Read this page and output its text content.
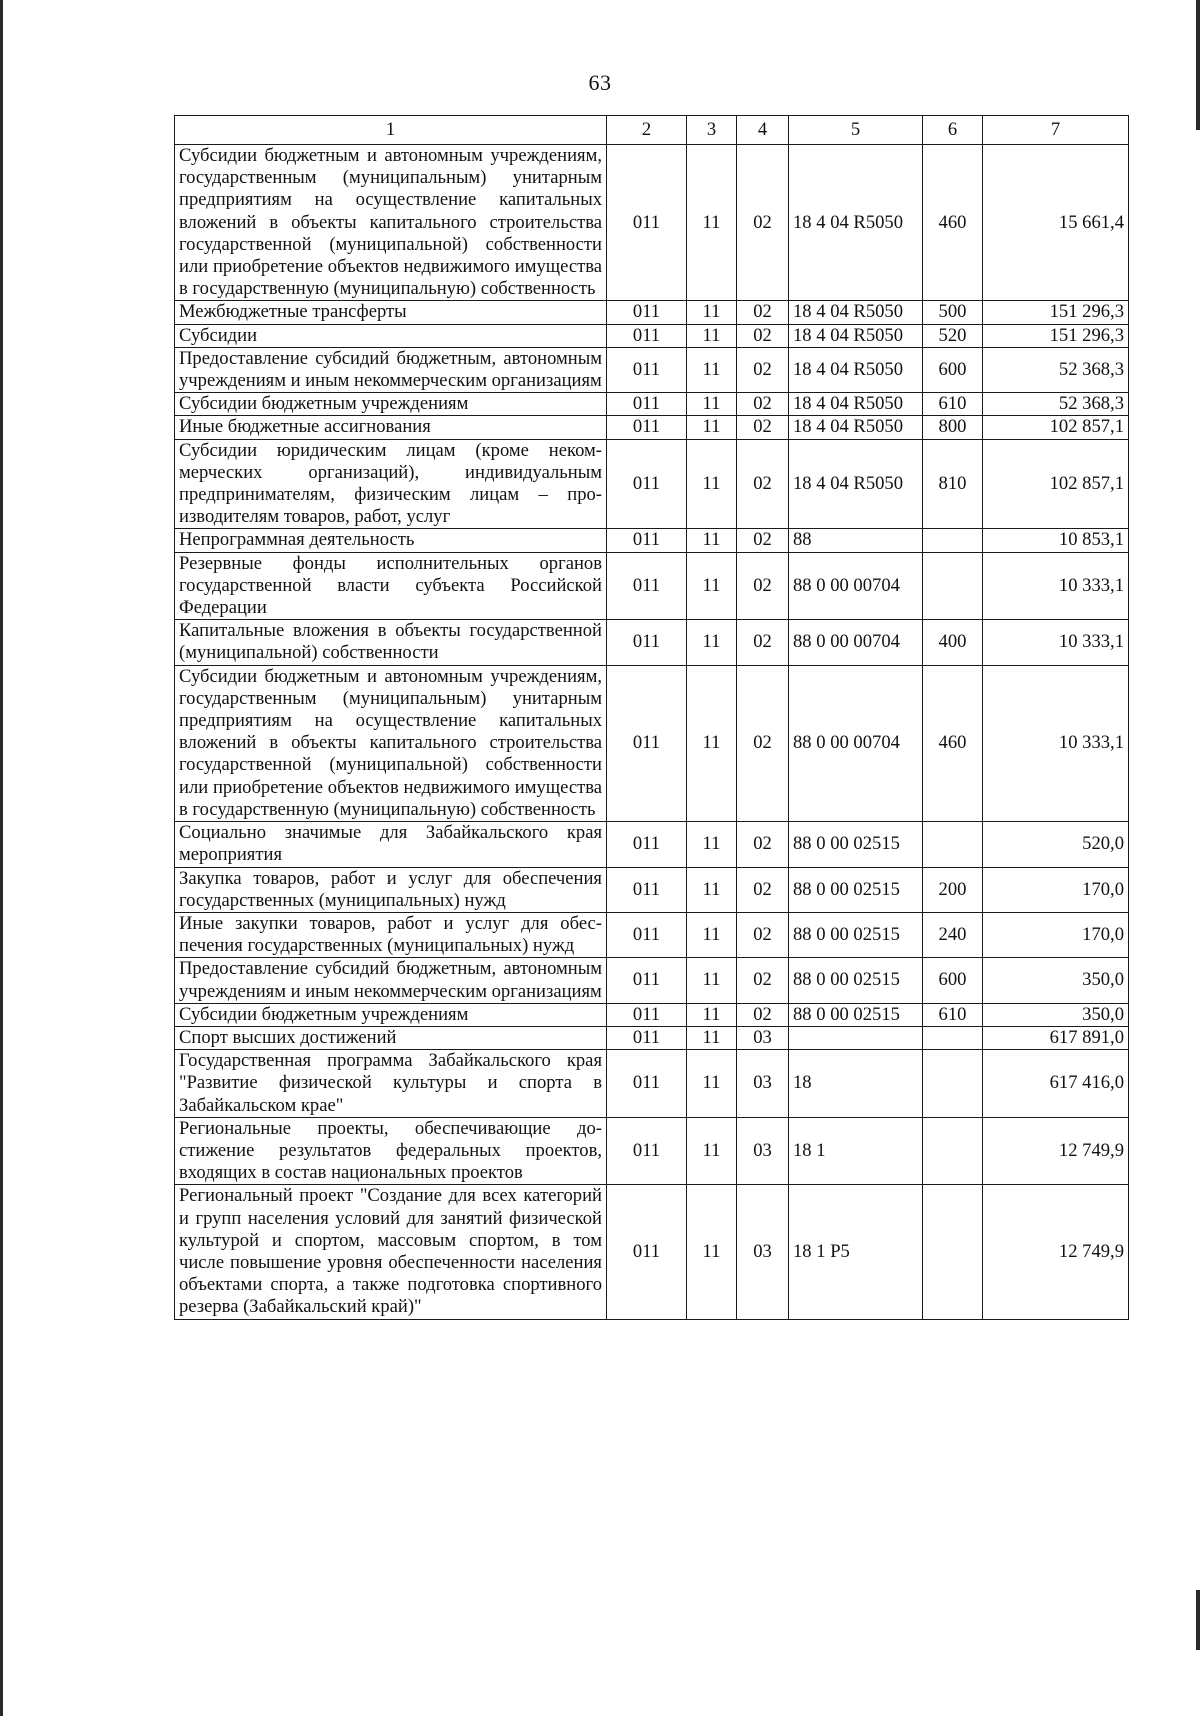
63
1	2	3	4	5	6	7
Субсидии бюджетным и автономным учреждениям, государственным (муниципальным) унитарным предприятиям на осуществление капитальных вложений в объекты капитального строительства государственной (муниципальной) собственности или приобретение объектов недвижимого имущества в государственную (муниципальную) собственность	011	11	02	18 4 04 R5050	460	15 661,4
Межбюджетные трансферты	011	11	02	18 4 04 R5050	500	151 296,3
Субсидии	011	11	02	18 4 04 R5050	520	151 296,3
Предоставление субсидий бюджетным, автономным учреждениям и иным некоммерческим организациям	011	11	02	18 4 04 R5050	600	52 368,3
Субсидии бюджетным учреждениям	011	11	02	18 4 04 R5050	610	52 368,3
Иные бюджетные ассигнования	011	11	02	18 4 04 R5050	800	102 857,1
Субсидии юридическим лицам (кроме некоммерческих организаций), индивидуальным предпринимателям, физическим лицам – производителям товаров, работ, услуг	011	11	02	18 4 04 R5050	810	102 857,1
Непрограммная деятельность	011	11	02	88		10 853,1
Резервные фонды исполнительных органов государственной власти субъекта Российской Федерации	011	11	02	88 0 00 00704		10 333,1
Капитальные вложения в объекты государственной (муниципальной) собственности	011	11	02	88 0 00 00704	400	10 333,1
Субсидии бюджетным и автономным учреждениям, государственным (муниципальным) унитарным предприятиям на осуществление капитальных вложений в объекты капитального строительства государственной (муниципальной) собственности или приобретение объектов недвижимого имущества в государственную (муниципальную) собственность	011	11	02	88 0 00 00704	460	10 333,1
Социально значимые для Забайкальского края мероприятия	011	11	02	88 0 00 02515		520,0
Закупка товаров, работ и услуг для обеспечения государственных (муниципальных) нужд	011	11	02	88 0 00 02515	200	170,0
Иные закупки товаров, работ и услуг для обеспечения государственных (муниципальных) нужд	011	11	02	88 0 00 02515	240	170,0
Предоставление субсидий бюджетным, автономным учреждениям и иным некоммерческим организациям	011	11	02	88 0 00 02515	600	350,0
Субсидии бюджетным учреждениям	011	11	02	88 0 00 02515	610	350,0
Спорт высших достижений	011	11	03			617 891,0
Государственная программа Забайкальского края "Развитие физической культуры и спорта в Забайкальском крае"	011	11	03	18		617 416,0
Региональные проекты, обеспечивающие достижение результатов федеральных проектов, входящих в состав национальных проектов	011	11	03	18 1		12 749,9
Региональный проект "Создание для всех категорий и групп населения условий для занятий физической культурой и спортом, массовым спортом, в том числе повышение уровня обеспеченности населения объектами спорта, а также подготовка спортивного резерва (Забайкальский край)"	011	11	03	18 1 P5		12 749,9
